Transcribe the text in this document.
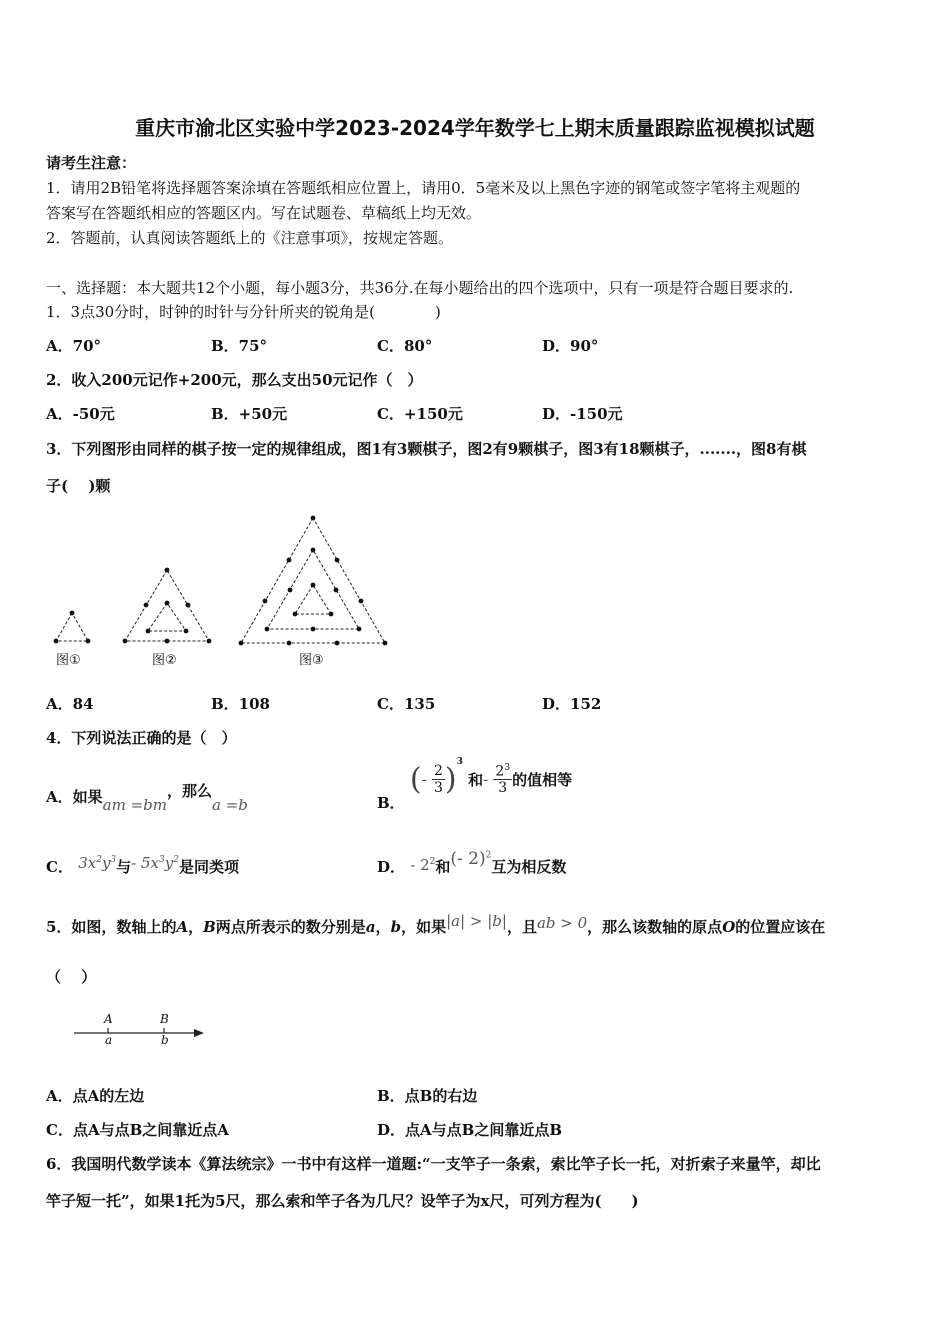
重庆市渝北区实验中学2023-2024学年数学七上期末质量跟踪监视模拟试题
请考生注意：
1．请用2B铅笔将选择题答案涂填在答题纸相应位置上，请用0．5毫米及以上黑色字迹的钢笔或签字笔将主观题的
答案写在答题纸相应的答题区内。写在试题卷、草稿纸上均无效。
2．答题前，认真阅读答题纸上的《注意事项》，按规定答题。
一、选择题：本大题共12个小题，每小题3分，共36分.在每小题给出的四个选项中，只有一项是符合题目要求的.
1．3点30分时，时钟的时针与分针所夹的锐角是(　　　　)
A．70°	B．75°	C．80°	D．90°
2．收入200元记作+200元，那么支出50元记作（　）
A．-50元	B．+50元	C．+150元	D．-150元
3．下列图形由同样的棋子按一定的规律组成，图1有3颗棋子，图2有9颗棋子，图3有18颗棋子，.......，图8有棋
子(　 )颗
图①	图②	图③
A．84	B．108	C．135	D．152
4．下列说法正确的是（　）
A．如果am =bm，那么a =b	B． (- $\frac{2}{3} )^3$ 和- $\frac{2^3}{3}$ 的值相等
C． $3x^2y^3$与- $5x^3y^2$是同类项	D． - $2^2$和(- 2)$^2$互为相反数
5．如图，数轴上的A，B两点所表示的数分别是a，b，如果|a| > |b|，且ab > 0，那么该数轴的原点O的位置应该在
（　 ）
A
a
B
b
A．点A的左边	B．点B的右边
C．点A与点B之间靠近点A	D．点A与点B之间靠近点B
6．我国明代数学读本《算法统宗》一书中有这样一道题:“一支竿子一条索，索比竿子长一托，对折索子来量竿，却比
竿子短一托”，如果1托为5尺，那么索和竿子各为几尺？设竿子为x尺，可列方程为(　　)
